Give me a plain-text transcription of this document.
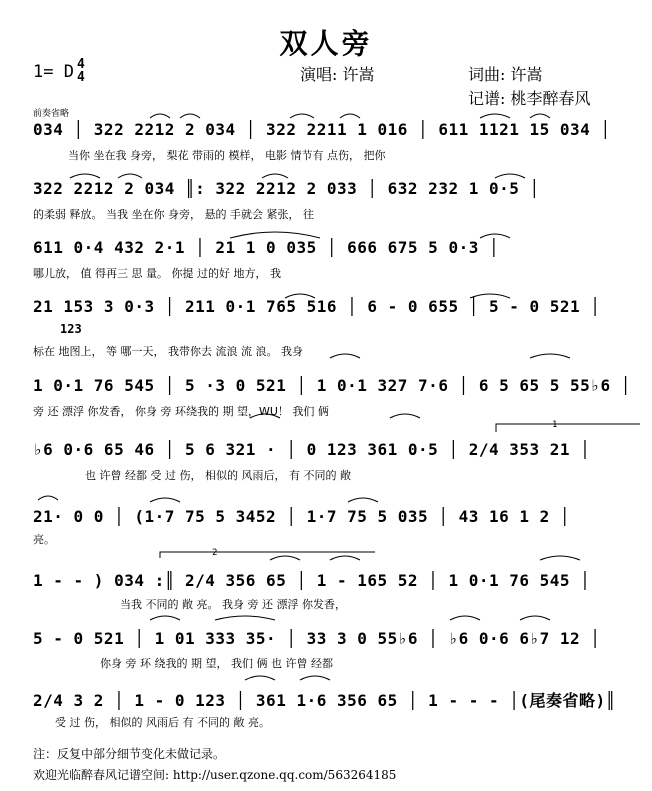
双人旁
1= D 4
4	演唱: 许嵩	词曲: 许嵩
记谱: 桃李醉春风
前奏省略
034 │ 322 2212 2 034 │ 322 2211 1 016 │ 611 1121 15 034 │
当你 坐在我 身旁， 梨花 带雨的 模样， 电影 情节有 点伤， 把你
322 2212 2 034 ║: 322 2212 2 033 │ 632 232 1 0·5 │
的柔弱 释放。 当我 坐在你 身旁， 悬的 手就会 紧张， 往
611 0·4 432 2·1 │ 21 1 0 035 │ 666 675 5 0·3 │
哪儿放， 值 得再三 思 量。 你提 过的好 地方， 我
21 153 3 0·3 │ 211 0·1 765 516 │ 6 - 0 655 │ 5 - 0 521 │
123
标在 地图上， 等 哪一天， 我带你去 流浪 流 浪。 我身
1 0·1 76 545 │ 5 ·3 0 521 │ 1 0·1 327 7·6 │ 6 5 65 5 55♭6 │
旁 还 漂浮 你发香， 你身 旁 环绕我的 期 望，WU！ 我们 俩
1
♭6 0·6 65 46 │ 5 6 321 · │ 0 123 361 0·5 │ 2/4 353 21 │
也 许曾 经都 受 过 伤， 相似的 风雨后， 有 不同的 敞
21· 0 0 │ (1·7 75 5 3452 │ 1·7 75 5 035 │ 43 16 1 2 │
亮。
2
1 - - ) 034 :║ 2/4 356 65 │ 1 - 165 52 │ 1 0·1 76 545 │
当我 不同的 敞 亮。 我身 旁 还 漂浮 你发香，
5 - 0 521 │ 1 01 333 35· │ 33 3 0 55♭6 │ ♭6 0·6 6♭7 12 │
你身 旁 环 绕我的 期 望， 我们 俩 也 许曾 经都
2/4 3 2 │ 1 - 0 123 │ 361 1·6 356 65 │ 1 - - - │(尾奏省略)║
受 过 伤， 相似的 风雨后 有 不同的 敞 亮。
注：反复中部分细节变化未做记录。
欢迎光临醉春风记谱空间: http://user.qzone.qq.com/563264185
